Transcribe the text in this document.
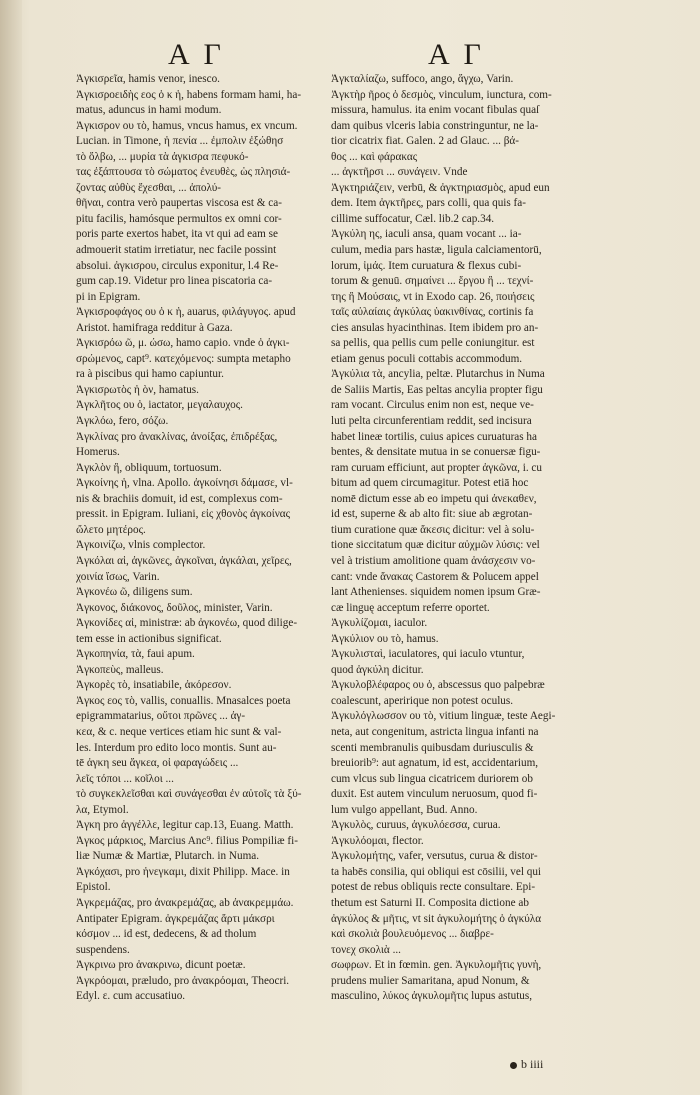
A Γ	A Γ
Ἀγκισρεῖα, hamis venor, inesco.
Ἀγκισροειδὴς εος ὁ κ ἡ, habens formam hami, ha-
matus, aduncus in hami modum.
Ἀγκισρον ου τὸ, hamus, vncus hamus, ex vncum.
Lucian. in Timone, ἡ πενία ... ἐμπολιν ἐξώθησ
τὸ ὄλβω, ... μυρία τὰ ἀγκισρα πεφυκό-
τας ἐξάπτουσα τὸ σώματος ἐνευθὲς, ὡς πλησιά-
ζοντας αὐθὺς ἔχεσθαι, ... ἀπολύ-
θῆναι, contra verò paupertas viscosa est & ca-
pitu facilis, hamósque permultos ex omni cor-
poris parte exertos habet, ita vt qui ad eam se
admouerit statim irretiatur, nec facile possint
absolui. ἀγκισρου, circulus exponitur, l.4 Re-
gum cap.19. Videtur pro linea piscatoria ca-
pi in Epigram.
Ἀγκισροφάγος ου ὁ κ ἡ, auarus, φιλάγυγος. apud
Aristot. hamifraga redditur à Gaza.
Ἀγκισρόω ῶ, μ. ώσω, hamo capio. vnde ὁ ἀγκι-
σρώμενος, capt⁹. κατεχόμενος: sumpta metapho
ra à piscibus qui hamo capiuntur.
Ἀγκισρωτὸς ἡ ὸν, hamatus.
Ἀγκλῆτος ου ὁ, iactator, μεγαλαυχος.
Ἀγκλόω, fero, σόζω.
Ἀγκλίνας pro ἀνακλίνας, ἀνοίξας, ἐπιδρέξας,
Homerus.
Ἀγκλὸν ἢ, obliquum, tortuosum.
Ἀγκοίνης ἡ, vlna. Apollo. ἀγκοίνησι δάμασε, vl-
nis & brachiis domuit, id est, complexus com-
pressit. in Epigram. Iuliani, εἰς χθονὸς ἀγκοίνας
ὤλετο μητέρος.
Ἀγκοινίζω, vlnis complector.
Ἀγκόλαι αἱ, ἀγκῶνες, ἀγκοῖναι, ἀγκάλαι, χεῖρες,
χοινία ἴσως, Varin.
Ἀγκονέω ῶ, diligens sum.
Ἀγκονος, διάκονος, δοῦλος, minister, Varin.
Ἀγκονίδες αἱ, ministræ: ab ἀγκονέω, quod dilige-
tem esse in actionibus significat.
Ἀγκοπηνία, τὰ, faui apum.
Ἀγκοπεὺς, malleus.
Ἀγκορὲς τὸ, insatiabile, ἀκόρεσον.
Ἀγκος εος τὸ, vallis, conuallis. Mnasalces poeta
epigrammatarius, οὔτοι πρῶνες ... ἀγ-
κεα, & c. neque vertices etiam hic sunt & val-
les. Interdum pro edito loco montis. Sunt au-
tē ἀγκη seu ἄγκεα, οἱ φαραγώδεις ...
λεῖς τόποι ... κοῖλοι ...
τὸ συγκεκλεῖσθαι καὶ συνάγεσθαι ἐν αὐτοῖς τὰ ξύ-
λα, Etymol.
Ἀγκη pro ἀγγέλλε, legitur cap.13, Euang. Matth.
Ἀγκος μάρκιος, Marcius Anc⁹. filius Pompiliæ fi-
liæ Numæ & Martiæ, Plutarch. in Numa.
Ἀγκόχασι, pro ἠνεγκαμι, dixit Philipp. Mace. in
Epistol.
Ἀγκρεμάζας, pro ἀνακρεμάζας, ab ἀνακρεμμάω.
Antipater Epigram. ἀγκρεμάζας ἄρτι μάκσρι
κόσμον ... id est, dedecens, & ad tholum
suspendens.
Ἀγκρινω pro ἀνακρινω, dicunt poetæ.
Ἀγκρόομαι, præludo, pro ἀνακρόομαι, Theocri.
Edyl. ε. cum accusatiuo.
Ἀγκταλίαζω, suffoco, ango, ἄγχω, Varin.
Ἀγκτὴρ ῆρος ὁ δεσμὸς, vinculum, iunctura, com-
missura, hamulus. ita enim vocant fibulas quaſ
dam quibus vlceris labia constringuntur, ne la-
tior cicatrix fiat. Galen. 2 ad Glauc. ... βά-
θος ... καὶ φάρακας
... ἀγκτῆρσι ... συνάγειν. Vnde
Ἀγκτηριάζειν, verbū, & ἀγκτηριασμὸς, apud eun
dem. Item ἀγκτῆρες, pars colli, qua quis fa-
cillime suffocatur, Cæl. lib.2 cap.34.
Ἀγκύλη ης, iaculi ansa, quam vocant ... ia-
culum, media pars hastæ, ligula calciamentorū,
lorum, ἱμάς. Item curuatura & flexus cubi-
torum & genuū. σημαίνει ... ἔργου ἢ ... τεχνί-
της ἢ Μούσαις, vt in Exodo cap. 26, ποιήσεις
ταῖς αὐλαίαις ἀγκύλας ὑακινθίνας, cortinis fa
cies ansulas hyacinthinas. Item ibidem pro an-
sa pellis, qua pellis cum pelle coniungitur. est
etiam genus poculi cottabis accommodum.
Ἀγκύλια τὰ, ancylia, peltæ. Plutarchus in Numa
de Saliis Martis, Eas peltas ancylia propter figu
ram vocant. Circulus enim non est, neque ve-
luti pelta circunferentiam reddit, sed incisura
habet lineæ tortilis, cuius apices curuaturas ha
bentes, & densitate mutua in se conuersæ figu-
ram curuam efficiunt, aut propter ἀγκῶνα, i. cu
bitum ad quem circumagitur. Potest etiā hoc
nomē dictum esse ab eo impetu qui ἀνεκαθεν,
id est, superne & ab alto fit: siue ab ægrotan-
tium curatione quæ ἄκεσις dicitur: vel à solu-
tione siccitatum quæ dicitur αὐχμῶν λύσις: vel
vel à tristium amolitione quam ἀνάσχεσιν vo-
cant: vnde ἄνακας Castorem & Polucem appel
lant Athenienses. siquidem nomen ipsum Græ-
cæ linguę acceptum referre oportet.
Ἀγκυλίζομαι, iaculor.
Ἀγκύλιον ου τὸ, hamus.
Ἀγκυλισταὶ, iaculatores, qui iaculo vtuntur,
quod ἀγκύλη dicitur.
Ἀγκυλοβλέφαρος ου ὁ, abscessus quo palpebræ
coalescunt, aperirique non potest oculus.
Ἀγκυλόγλωσσον ου τὸ, vitium linguæ, teste Aegi-
neta, aut congenitum, astricta lingua infanti na
scenti membranulis quibusdam duriusculis &
breuiorib⁹: aut agnatum, id est, accidentarium,
cum vlcus sub lingua cicatricem duriorem ob
duxit. Est autem vinculum neruosum, quod fi-
lum vulgo appellant, Bud. Anno.
Ἀγκυλὸς, curuus, ἀγκυλόεσσα, curua.
Ἀγκυλόομαι, flector.
Ἀγκυλομήτης, vafer, versutus, curua & distor-
ta habēs consilia, qui obliqui est cōsilii, vel qui
potest de rebus obliquis recte consultare. Epi-
thetum est Saturni II. Composita dictione ab
ἀγκύλος & μῆτις, vt sit ἀγκυλομήτης ὁ ἀγκύλα
καὶ σκολιὰ βουλευόμενος ... διαβρε-
τονεχ σκολιὰ ...
σωφρων. Et in fœmin. gen. Ἀγκυλομῆτις γυνὴ,
prudens mulier Samaritana, apud Nonum, &
masculino, λύκος ἀγκυλομῆτις lupus astutus,
b iiii
